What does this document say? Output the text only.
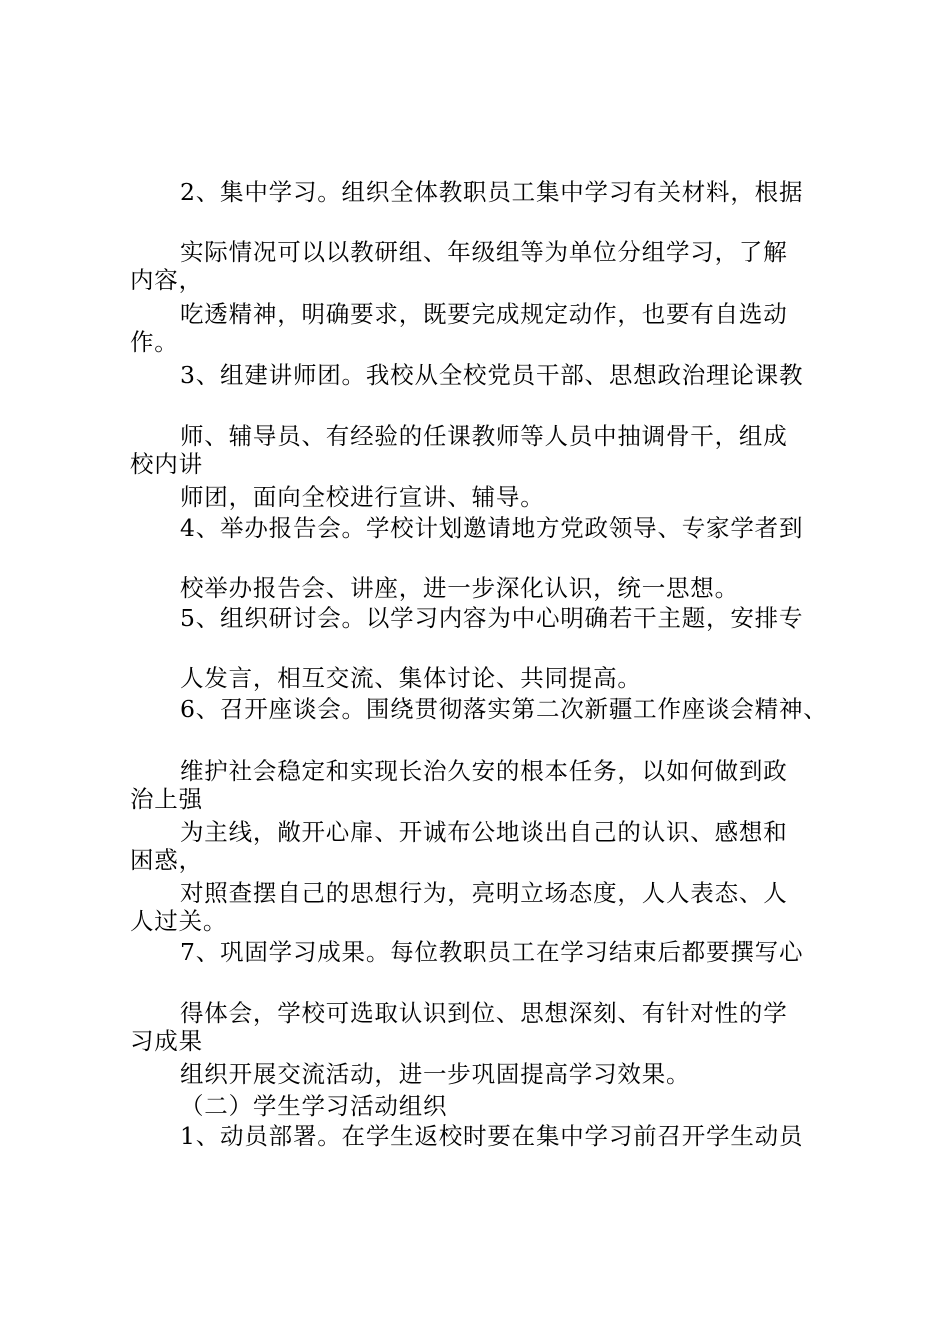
2、集中学习。组织全体教职员工集中学习有关材料，根据
实际情况可以以教研组、年级组等为单位分组学习，了解
内容，
吃透精神，明确要求，既要完成规定动作，也要有自选动
作。
3、组建讲师团。我校从全校党员干部、思想政治理论课教
师、辅导员、有经验的任课教师等人员中抽调骨干，组成
校内讲
师团，面向全校进行宣讲、辅导。
4、举办报告会。学校计划邀请地方党政领导、专家学者到
校举办报告会、讲座，进一步深化认识，统一思想。
5、组织研讨会。以学习内容为中心明确若干主题，安排专
人发言，相互交流、集体讨论、共同提高。
6、召开座谈会。围绕贯彻落实第二次新疆工作座谈会精神、
维护社会稳定和实现长治久安的根本任务，以如何做到政
治上强
为主线，敞开心扉、开诚布公地谈出自己的认识、感想和
困惑，
对照查摆自己的思想行为，亮明立场态度，人人表态、人
人过关。
7、巩固学习成果。每位教职员工在学习结束后都要撰写心
得体会，学校可选取认识到位、思想深刻、有针对性的学
习成果
组织开展交流活动，进一步巩固提高学习效果。
（二）学生学习活动组织
1、动员部署。在学生返校时要在集中学习前召开学生动员
